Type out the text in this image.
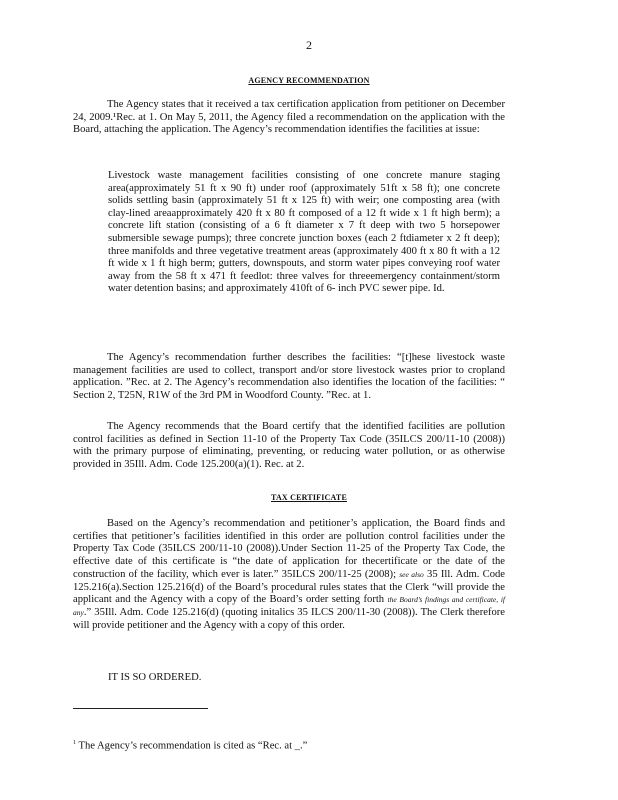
2
AGENCY RECOMMENDATION

The Agency states that it received a tax certification application from petitioner on December 24, 2009.¹Rec. at 1. On May 5, 2011, the Agency filed a recommendation on the application with the Board, attaching the application. The Agency’s recommendation identifies the facilities at issue:

Livestock waste management facilities consisting of one concrete manure staging area(approximately 51 ft x 90 ft) under roof (approximately 51ft x 58 ft); one concrete solids settling basin (approximately 51 ft x 125 ft) with weir; one composting area (with clay-lined areaapproximately 420 ft x 80 ft composed of a 12 ft wide x 1 ft high berm); a concrete lift station (consisting of a 6 ft diameter x 7 ft deep with two 5 horsepower submersible sewage pumps); three concrete junction boxes (each 2 ftdiameter x 2 ft deep); three manifolds and three vegetative treatment areas (approximately 400 ft x 80 ft with a 12 ft wide x 1 ft high berm; gutters, downspouts, and storm water pipes conveying roof water away from the 58 ft x 471 ft feedlot: three valves for threeemergency containment/storm water detention basins; and approximately 410ft of 6- inch PVC sewer pipe. Id.

The Agency’s recommendation further describes the facilities: “[t]hese livestock waste management facilities are used to collect, transport and/or store livestock wastes prior to cropland application. ”Rec. at 2. The Agency’s recommendation also identifies the location of the facilities: “ Section 2, T25N, R1W of the 3rd PM in Woodford County. ”Rec. at 1.

The Agency recommends that the Board certify that the identified facilities are pollution control facilities as defined in Section 11-10 of the Property Tax Code (35ILCS 200/11-10 (2008)) with the primary purpose of eliminating, preventing, or reducing water pollution, or as otherwise provided in 35Ill. Adm. Code 125.200(a)(1). Rec. at 2.

TAX CERTIFICATE

Based on the Agency’s recommendation and petitioner’s application, the Board finds and certifies that petitioner’s facilities identified in this order are pollution control facilities under the Property Tax Code (35ILCS 200/11-10 (2008)).Under Section 11-25 of the Property Tax Code, the effective date of this certificate is “the date of application for thecertificate or the date of the construction of the facility, which ever is later.” 35ILCS 200/11-25 (2008); see also 35 Ill. Adm. Code 125.216(a).Section 125.216(d) of the Board’s procedural rules states that the Clerk “will provide the applicant and the Agency with a copy of the Board’s order setting forth the Board’s findings and certificate, if any.” 35Ill. Adm. Code 125.216(d) (quoting initalics 35 ILCS 200/11-30 (2008)). The Clerk therefore will provide petitioner and the Agency with a copy of this order.

IT IS SO ORDERED.
$^1$ The Agency’s recommendation is cited as “Rec. at _.”
